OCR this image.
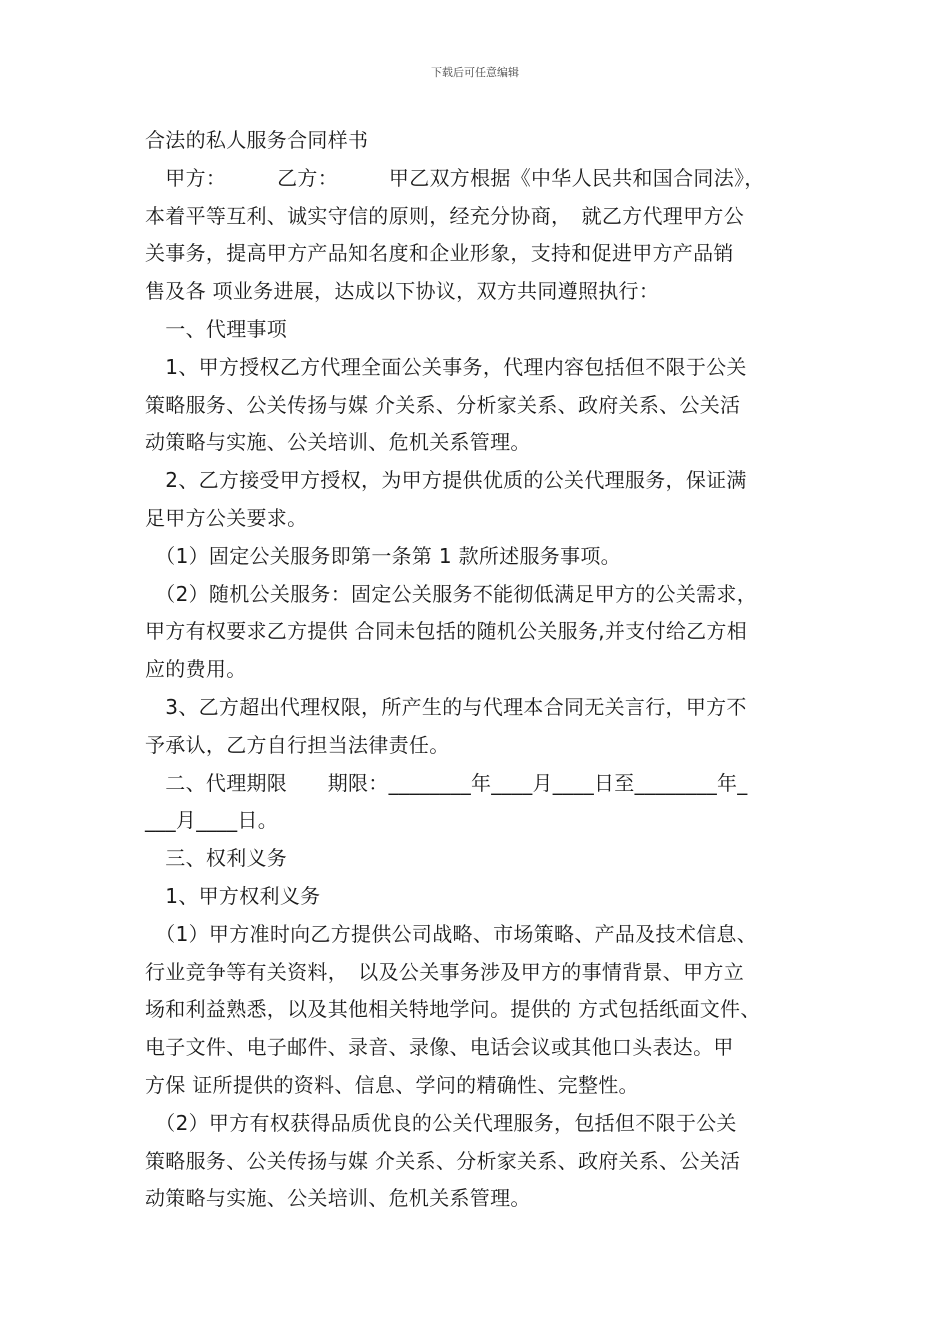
下载后可任意编辑
合法的私人服务合同样书
　甲方：　　　乙方：　　　甲乙双方根据《中华人民共和国合同法》，
本着平等互利、诚实守信的原则，经充分协商，　就乙方代理甲方公
关事务，提高甲方产品知名度和企业形象，支持和促进甲方产品销
售及各 项业务进展，达成以下协议，双方共同遵照执行：
　一、代理事项
　1、甲方授权乙方代理全面公关事务，代理内容包括但不限于公关
策略服务、公关传扬与媒 介关系、分析家关系、政府关系、公关活
动策略与实施、公关培训、危机关系管理。
　2、乙方接受甲方授权，为甲方提供优质的公关代理服务，保证满
足甲方公关要求。
　（1）固定公关服务即第一条第 1 款所述服务事项。
　（2）随机公关服务：固定公关服务不能彻低满足甲方的公关需求，
甲方有权要求乙方提供 合同未包括的随机公关服务,并支付给乙方相
应的费用。
　3、乙方超出代理权限，所产生的与代理本合同无关言行，甲方不
予承认，乙方自行担当法律责任。
　二、代理期限　　期限：________年____月____日至________年_
___月____日。
　三、权利义务
　1、甲方权利义务
　（1）甲方准时向乙方提供公司战略、市场策略、产品及技术信息、
行业竞争等有关资料，　以及公关事务涉及甲方的事情背景、甲方立
场和利益熟悉，以及其他相关特地学问。提供的 方式包括纸面文件、
电子文件、电子邮件、录音、录像、电话会议或其他口头表达。甲
方保 证所提供的资料、信息、学问的精确性、完整性。
　（2）甲方有权获得品质优良的公关代理服务，包括但不限于公关
策略服务、公关传扬与媒 介关系、分析家关系、政府关系、公关活
动策略与实施、公关培训、危机关系管理。
